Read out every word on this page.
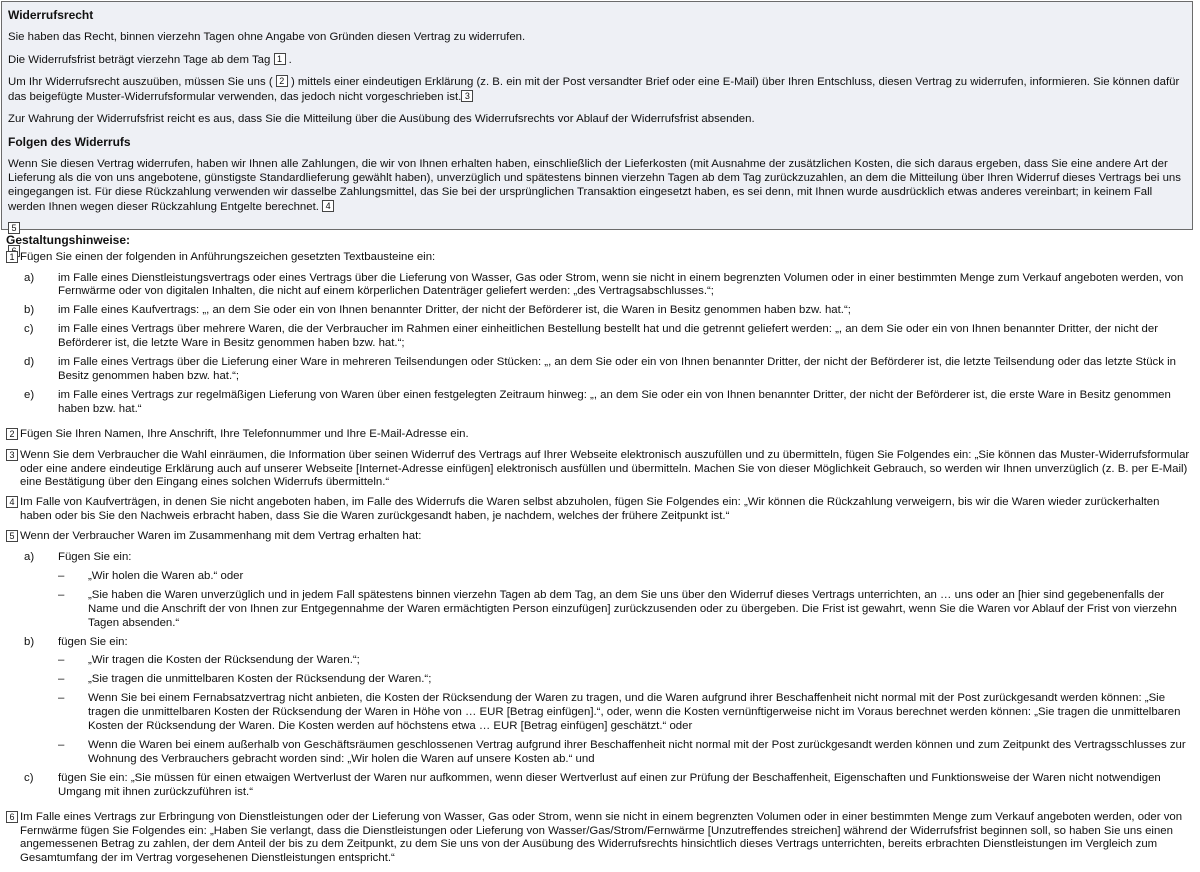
Widerrufsrecht

Sie haben das Recht, binnen vierzehn Tagen ohne Angabe von Gründen diesen Vertrag zu widerrufen.

Die Widerrufsfrist beträgt vierzehn Tage ab dem Tag 1 .

Um Ihr Widerrufsrecht auszuüben, müssen Sie uns ( 2 ) mittels einer eindeutigen Erklärung (z. B. ein mit der Post versandter Brief oder eine E-Mail) über Ihren Entschluss, diesen Vertrag zu widerrufen, informieren. Sie können dafür das beigefügte Muster-Widerrufsformular verwenden, das jedoch nicht vorgeschrieben ist. 3

Zur Wahrung der Widerrufsfrist reicht es aus, dass Sie die Mitteilung über die Ausübung des Widerrufsrechts vor Ablauf der Widerrufsfrist absenden.

Folgen des Widerrufs

Wenn Sie diesen Vertrag widerrufen, haben wir Ihnen alle Zahlungen, die wir von Ihnen erhalten haben, einschließlich der Lieferkosten (mit Ausnahme der zusätzlichen Kosten, die sich daraus ergeben, dass Sie eine andere Art der Lieferung als die von uns angebotene, günstigste Standardlieferung gewählt haben), unverzüglich und spätestens binnen vierzehn Tagen ab dem Tag zurückzuzahlen, an dem die Mitteilung über Ihren Widerruf dieses Vertrags bei uns eingegangen ist. Für diese Rückzahlung verwenden wir dasselbe Zahlungsmittel, das Sie bei der ursprünglichen Transaktion eingesetzt haben, es sei denn, mit Ihnen wurde ausdrücklich etwas anderes vereinbart; in keinem Fall werden Ihnen wegen dieser Rückzahlung Entgelte berechnet. 4

5

Gestaltungshinweise:
1 Fügen Sie einen der folgenden in Anführungszeichen gesetzten Textbausteine ein:
a)	im Falle eines Dienstleistungsvertrags oder eines Vertrags über die Lieferung von Wasser, Gas oder Strom, wenn sie nicht in einem begrenzten Volumen oder in einer bestimmten Menge zum Verkauf angeboten werden, von Fernwärme oder von digitalen Inhalten, die nicht auf einem körperlichen Datenträger geliefert werden: „des Vertragsabschlusses.“;
b)	im Falle eines Kaufvertrags: „, an dem Sie oder ein von Ihnen benannter Dritter, der nicht der Beförderer ist, die Waren in Besitz genommen haben bzw. hat.“;
c)	im Falle eines Vertrags über mehrere Waren, die der Verbraucher im Rahmen einer einheitlichen Bestellung bestellt hat und die getrennt geliefert werden: „, an dem Sie oder ein von Ihnen benannter Dritter, der nicht der Beförderer ist, die letzte Ware in Besitz genommen haben bzw. hat.“;
d)	im Falle eines Vertrags über die Lieferung einer Ware in mehreren Teilsendungen oder Stücken: „, an dem Sie oder ein von Ihnen benannter Dritter, der nicht der Beförderer ist, die letzte Teilsendung oder das letzte Stück in Besitz genommen haben bzw. hat.“;
e)	im Falle eines Vertrags zur regelmäßigen Lieferung von Waren über einen festgelegten Zeitraum hinweg: „, an dem Sie oder ein von Ihnen benannter Dritter, der nicht der Beförderer ist, die erste Ware in Besitz genommen haben bzw. hat.“
2 Fügen Sie Ihren Namen, Ihre Anschrift, Ihre Telefonnummer und Ihre E-Mail-Adresse ein.
3 Wenn Sie dem Verbraucher die Wahl einräumen, die Information über seinen Widerruf des Vertrags auf Ihrer Webseite elektronisch auszufüllen und zu übermitteln, fügen Sie Folgendes ein: „Sie können das Muster-Widerrufsformular oder eine andere eindeutige Erklärung auch auf unserer Webseite [Internet-Adresse einfügen] elektronisch ausfüllen und übermitteln. Machen Sie von dieser Möglichkeit Gebrauch, so werden wir Ihnen unverzüglich (z. B. per E-Mail) eine Bestätigung über den Eingang eines solchen Widerrufs übermitteln.“
4 Im Falle von Kaufverträgen, in denen Sie nicht angeboten haben, im Falle des Widerrufs die Waren selbst abzuholen, fügen Sie Folgendes ein: „Wir können die Rückzahlung verweigern, bis wir die Waren wieder zurückerhalten haben oder bis Sie den Nachweis erbracht haben, dass Sie die Waren zurückgesandt haben, je nachdem, welches der frühere Zeitpunkt ist.“
5 Wenn der Verbraucher Waren im Zusammenhang mit dem Vertrag erhalten hat:
a)	Fügen Sie ein:
–	„Wir holen die Waren ab.“ oder
–	„Sie haben die Waren unverzüglich und in jedem Fall spätestens binnen vierzehn Tagen ab dem Tag, an dem Sie uns über den Widerruf dieses Vertrags unterrichten, an … uns oder an [hier sind gegebenenfalls der Name und die Anschrift der von Ihnen zur Entgegennahme der Waren ermächtigten Person einzufügen] zurückzusenden oder zu übergeben. Die Frist ist gewahrt, wenn Sie die Waren vor Ablauf der Frist von vierzehn Tagen absenden.“
b)	fügen Sie ein:
–	„Wir tragen die Kosten der Rücksendung der Waren.“;
–	„Sie tragen die unmittelbaren Kosten der Rücksendung der Waren.“;
–	Wenn Sie bei einem Fernabsatzvertrag nicht anbieten, die Kosten der Rücksendung der Waren zu tragen, und die Waren aufgrund ihrer Beschaffenheit nicht normal mit der Post zurückgesandt werden können: „Sie tragen die unmittelbaren Kosten der Rücksendung der Waren in Höhe von … EUR [Betrag einfügen].“, oder, wenn die Kosten vernünftigerweise nicht im Voraus berechnet werden können: „Sie tragen die unmittelbaren Kosten der Rücksendung der Waren. Die Kosten werden auf höchstens etwa … EUR [Betrag einfügen] geschätzt.“ oder
–	Wenn die Waren bei einem außerhalb von Geschäftsräumen geschlossenen Vertrag aufgrund ihrer Beschaffenheit nicht normal mit der Post zurückgesandt werden können und zum Zeitpunkt des Vertragsschlusses zur Wohnung des Verbrauchers gebracht worden sind: „Wir holen die Waren auf unsere Kosten ab.“ und
c)	fügen Sie ein: „Sie müssen für einen etwaigen Wertverlust der Waren nur aufkommen, wenn dieser Wertverlust auf einen zur Prüfung der Beschaffenheit, Eigenschaften und Funktionsweise der Waren nicht notwendigen Umgang mit ihnen zurückzuführen ist.“
6 Im Falle eines Vertrags zur Erbringung von Dienstleistungen oder der Lieferung von Wasser, Gas oder Strom, wenn sie nicht in einem begrenzten Volumen oder in einer bestimmten Menge zum Verkauf angeboten werden, oder von Fernwärme fügen Sie Folgendes ein: „Haben Sie verlangt, dass die Dienstleistungen oder Lieferung von Wasser/Gas/Strom/Fernwärme [Unzutreffendes streichen] während der Widerrufsfrist beginnen soll, so haben Sie uns einen angemessenen Betrag zu zahlen, der dem Anteil der bis zu dem Zeitpunkt, zu dem Sie uns von der Ausübung des Widerrufsrechts hinsichtlich dieses Vertrags unterrichten, bereits erbrachten Dienstleistungen im Vergleich zum Gesamtumfang der im Vertrag vorgesehenen Dienstleistungen entspricht.“
